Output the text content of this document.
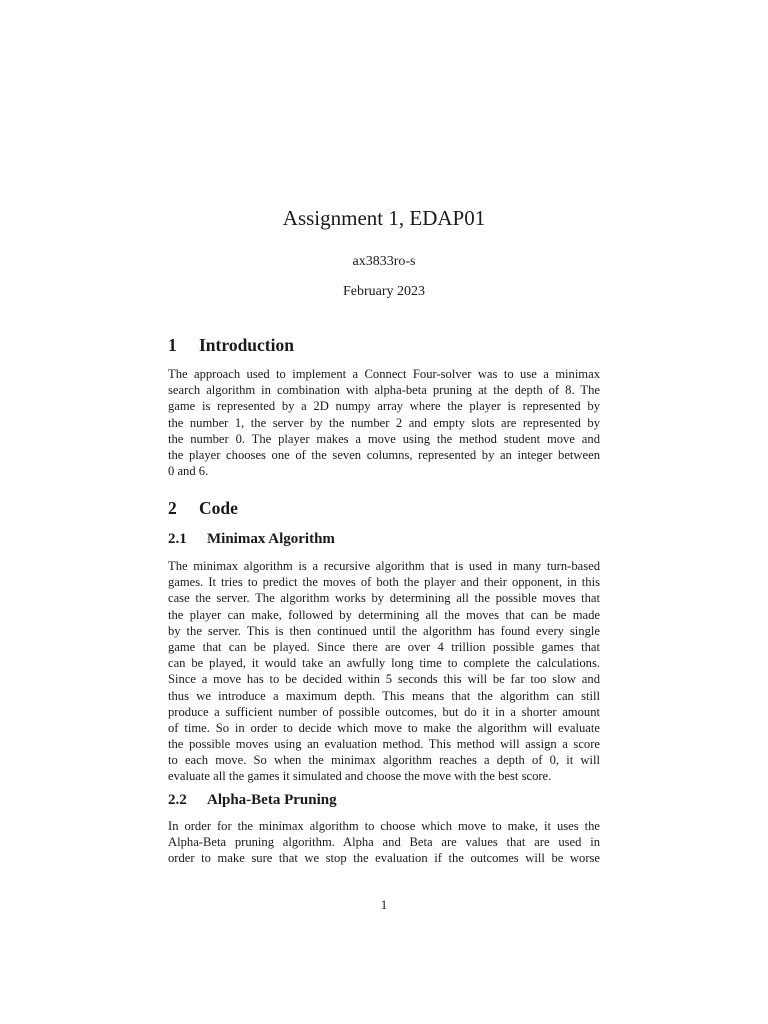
Assignment 1, EDAP01
ax3833ro-s
February 2023
1 Introduction
The approach used to implement a Connect Four-solver was to use a minimax
search algorithm in combination with alpha-beta pruning at the depth of 8. The
game is represented by a 2D numpy array where the player is represented by
the number 1, the server by the number 2 and empty slots are represented by
the number 0. The player makes a move using the method student move and
the player chooses one of the seven columns, represented by an integer between
0 and 6.
2 Code
2.1 Minimax Algorithm
The minimax algorithm is a recursive algorithm that is used in many turn-based
games. It tries to predict the moves of both the player and their opponent, in this
case the server. The algorithm works by determining all the possible moves that
the player can make, followed by determining all the moves that can be made
by the server. This is then continued until the algorithm has found every single
game that can be played. Since there are over 4 trillion possible games that
can be played, it would take an awfully long time to complete the calculations.
Since a move has to be decided within 5 seconds this will be far too slow and
thus we introduce a maximum depth. This means that the algorithm can still
produce a sufficient number of possible outcomes, but do it in a shorter amount
of time. So in order to decide which move to make the algorithm will evaluate
the possible moves using an evaluation method. This method will assign a score
to each move. So when the minimax algorithm reaches a depth of 0, it will
evaluate all the games it simulated and choose the move with the best score.
2.2 Alpha-Beta Pruning
In order for the minimax algorithm to choose which move to make, it uses the
Alpha-Beta pruning algorithm. Alpha and Beta are values that are used in
order to make sure that we stop the evaluation if the outcomes will be worse
1
